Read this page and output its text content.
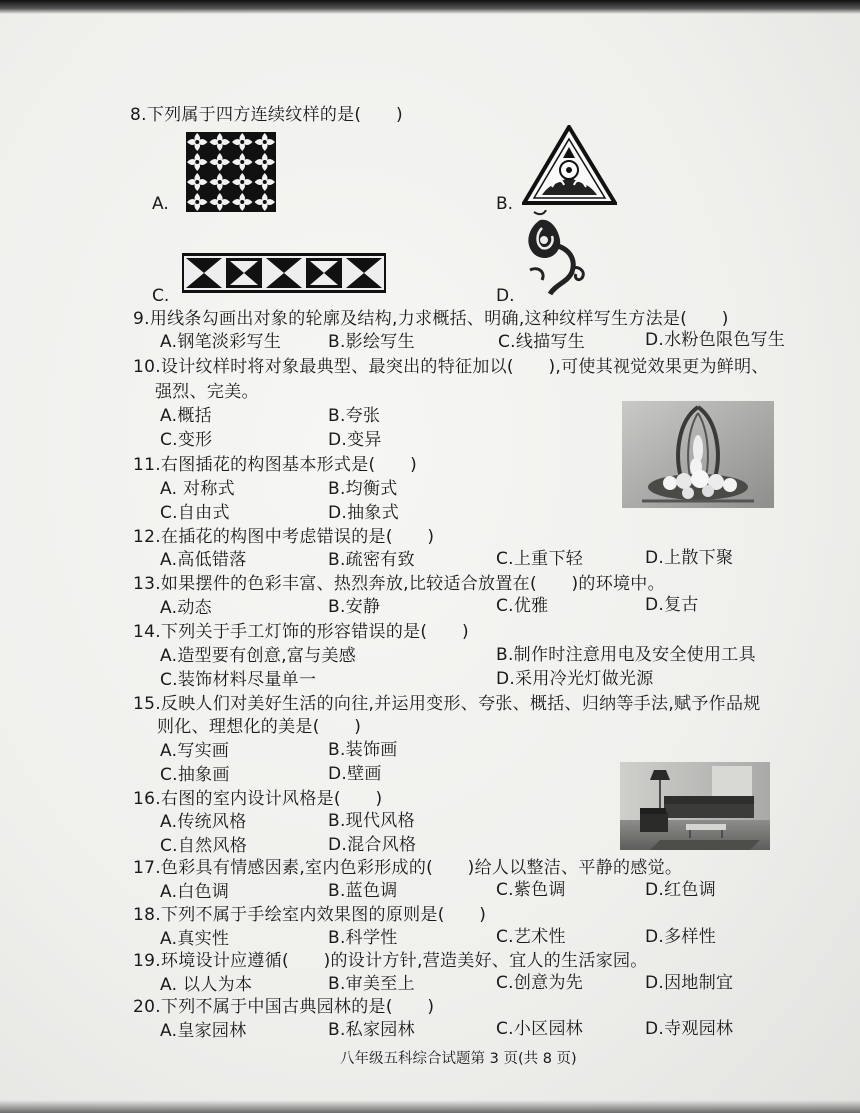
8.下列属于四方连续纹样的是(　　)
A.	B.
C.	D.
9.用线条勾画出对象的轮廓及结构,力求概括、明确,这种纹样写生方法是(　　)
A.钢笔淡彩写生	B.影绘写生	C.线描写生	D.水粉色限色写生
10.设计纹样时将对象最典型、最突出的特征加以(　　),可使其视觉效果更为鲜明、
强烈、完美。
A.概括	B.夸张
C.变形	D.变异
11.右图插花的构图基本形式是(　　)
A. 对称式	B.均衡式
C.自由式	D.抽象式
12.在插花的构图中考虑错误的是(　　)
A.高低错落	B.疏密有致	C.上重下轻	D.上散下聚
13.如果摆件的色彩丰富、热烈奔放,比较适合放置在(　　)的环境中。
A.动态	B.安静	C.优雅	D.复古
14.下列关于手工灯饰的形容错误的是(　　)
A.造型要有创意,富与美感	B.制作时注意用电及安全使用工具
C.装饰材料尽量单一	D.采用冷光灯做光源
15.反映人们对美好生活的向往,并运用变形、夸张、概括、归纳等手法,赋予作品规
则化、理想化的美是(　　)
A.写实画	B.装饰画
C.抽象画	D.壁画
16.右图的室内设计风格是(　　)
A.传统风格	B.现代风格
C.自然风格	D.混合风格
17.色彩具有情感因素,室内色彩形成的(　　)给人以整洁、平静的感觉。
A.白色调	B.蓝色调	C.紫色调	D.红色调
18.下列不属于手绘室内效果图的原则是(　　)
A.真实性	B.科学性	C.艺术性	D.多样性
19.环境设计应遵循(　　)的设计方针,营造美好、宜人的生活家园。
A. 以人为本	B.审美至上	C.创意为先	D.因地制宜
20.下列不属于中国古典园林的是(　　)
A.皇家园林	B.私家园林	C.小区园林	D.寺观园林
八年级五科综合试题第 3 页(共 8 页)
